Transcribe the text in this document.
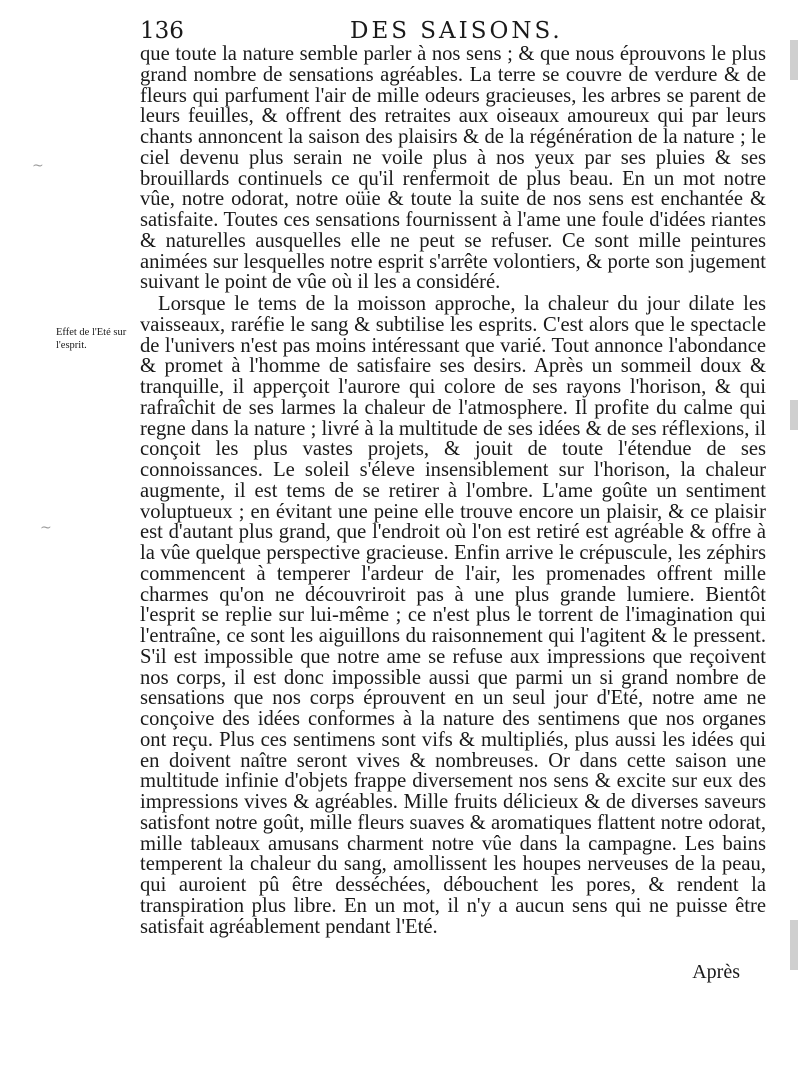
136	DES SAISONS.
Effet de l'Eté sur l'esprit.

que toute la nature semble parler à nos sens ; & que nous éprouvons le plus grand nombre de sensations agréables. La terre se couvre de verdure & de fleurs qui parfument l'air de mille odeurs gracieuses, les arbres se parent de leurs feuilles, & offrent des retraites aux oiseaux amoureux qui par leurs chants annoncent la saison des plaisirs & de la régénération de la nature ; le ciel devenu plus serain ne voile plus à nos yeux par ses pluies & ses brouillards continuels ce qu'il renfermoit de plus beau. En un mot notre vûe, notre odorat, notre oüie & toute la suite de nos sens est enchantée & satisfaite. Toutes ces sensations fournissent à l'ame une foule d'idées riantes & naturelles ausquelles elle ne peut se refuser. Ce sont mille peintures animées sur lesquelles notre esprit s'arrête volontiers, & porte son jugement suivant le point de vûe où il les a considéré.

Lorsque le tems de la moisson approche, la chaleur du jour dilate les vaisseaux, raréfie le sang & subtilise les esprits. C'est alors que le spectacle de l'univers n'est pas moins intéressant que varié. Tout annonce l'abondance & promet à l'homme de satisfaire ses desirs. Après un sommeil doux & tranquille, il apperçoit l'aurore qui colore de ses rayons l'horison, & qui rafraîchit de ses larmes la chaleur de l'atmosphere. Il profite du calme qui regne dans la nature ; livré à la multitude de ses idées & de ses réflexions, il conçoit les plus vastes projets, & jouit de toute l'étendue de ses connoissances. Le soleil s'éleve insensiblement sur l'horison, la chaleur augmente, il est tems de se retirer à l'ombre. L'ame goûte un sentiment voluptueux ; en évitant une peine elle trouve encore un plaisir, & ce plaisir est d'autant plus grand, que l'endroit où l'on est retiré est agréable & offre à la vûe quelque perspective gracieuse. Enfin arrive le crépuscule, les zéphirs commencent à temperer l'ardeur de l'air, les promenades offrent mille charmes qu'on ne découvriroit pas à une plus grande lumiere. Bientôt l'esprit se replie sur lui-même ; ce n'est plus le torrent de l'imagination qui l'entraîne, ce sont les aiguillons du raisonnement qui l'agitent & le pressent. S'il est impossible que notre ame se refuse aux impressions que reçoivent nos corps, il est donc impossible aussi que parmi un si grand nombre de sensations que nos corps éprouvent en un seul jour d'Eté, notre ame ne conçoive des idées conformes à la nature des sentimens que nos organes ont reçu. Plus ces sentimens sont vifs & multipliés, plus aussi les idées qui en doivent naître seront vives & nombreuses. Or dans cette saison une multitude infinie d'objets frappe diversement nos sens & excite sur eux des impressions vives & agréables. Mille fruits délicieux & de diverses saveurs satisfont notre goût, mille fleurs suaves & aromatiques flattent notre odorat, mille tableaux amusans charment notre vûe dans la campagne. Les bains temperent la chaleur du sang, amollissent les houpes nerveuses de la peau, qui auroient pû être desséchées, débouchent les pores, & rendent la transpiration plus libre. En un mot, il n'y a aucun sens qui ne puisse être satisfait agréablement pendant l'Eté.

Après
~
~
